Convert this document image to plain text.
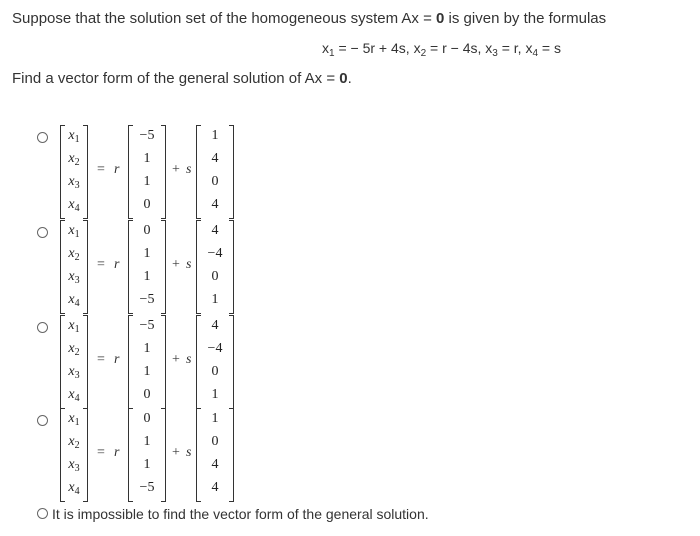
Suppose that the solution set of the homogeneous system Ax = 0 is given by the formulas
$x_1$ = − 5r + 4s, $x_2 = r - 4s$, $x_3 = r$, $x_4 = s$
Find a vector form of the general solution of Ax = 0.
$x_1$
$x_2$
$x_3$
$x_4$
= r
−5
1
1
0
+ s
1
4
0
4
$x_1$
$x_2$
$x_3$
$x_4$
= r
0
1
1
−5
+ s
4
−4
0
1
$x_1$
$x_2$
$x_3$
$x_4$
= r
−5
1
1
0
+ s
4
−4
0
1
$x_1$
$x_2$
$x_3$
$x_4$
= r
0
1
1
−5
+ s
1
0
4
4
It is impossible to find the vector form of the general solution.
